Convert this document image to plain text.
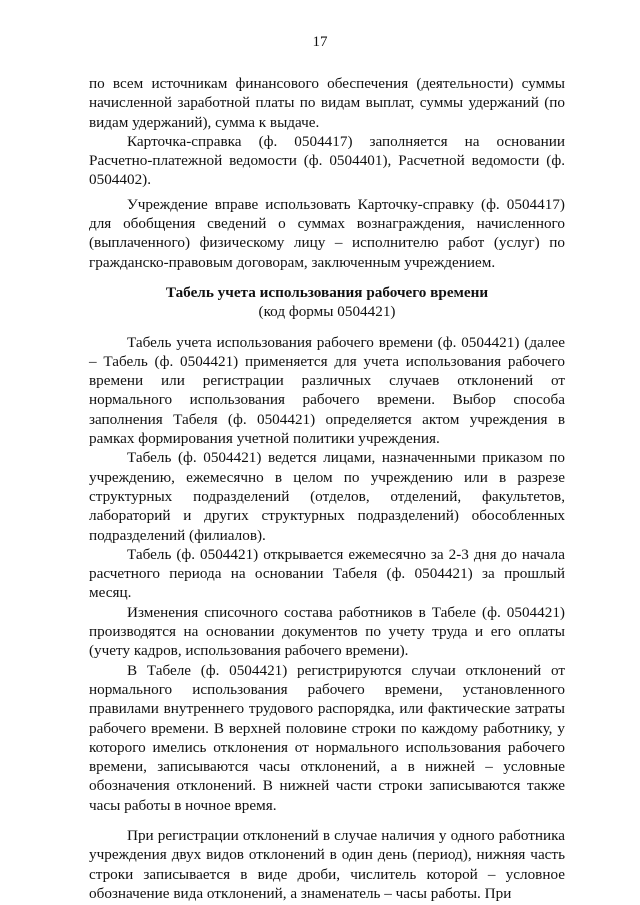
17

по всем источникам финансового обеспечения (деятельности) суммы начисленной заработной платы по видам выплат, суммы удержаний (по видам удержаний), сумма к выдаче.

Карточка-справка (ф. 0504417) заполняется на основании Расчетно-платежной ведомости (ф. 0504401), Расчетной ведомости (ф. 0504402).

Учреждение вправе использовать Карточку-справку (ф. 0504417) для обобщения сведений о суммах вознаграждения, начисленного (выплаченного) физическому лицу – исполнителю работ (услуг) по гражданско-правовым договорам, заключенным учреждением.

Табель учета использования рабочего времени
(код формы 0504421)

Табель учета использования рабочего времени (ф. 0504421) (далее – Табель (ф. 0504421) применяется для учета использования рабочего времени или регистрации различных случаев отклонений от нормального использования рабочего времени. Выбор способа заполнения Табеля (ф. 0504421) определяется актом учреждения в рамках формирования учетной политики учреждения.

Табель (ф. 0504421) ведется лицами, назначенными приказом по учреждению, ежемесячно в целом по учреждению или в разрезе структурных подразделений (отделов, отделений, факультетов, лабораторий и других структурных подразделений) обособленных подразделений (филиалов).

Табель (ф. 0504421) открывается ежемесячно за 2-3 дня до начала расчетного периода на основании Табеля (ф. 0504421) за прошлый месяц.

Изменения списочного состава работников в Табеле (ф. 0504421) производятся на основании документов по учету труда и его оплаты (учету кадров, использования рабочего времени).

В Табеле (ф. 0504421) регистрируются случаи отклонений от нормального использования рабочего времени, установленного правилами внутреннего трудового распорядка, или фактические затраты рабочего времени. В верхней половине строки по каждому работнику, у которого имелись отклонения от нормального использования рабочего времени, записываются часы отклонений, а в нижней – условные обозначения отклонений. В нижней части строки записываются также часы работы в ночное время.

При регистрации отклонений в случае наличия у одного работника учреждения двух видов отклонений в один день (период), нижняя часть строки записывается в виде дроби, числитель которой – условное обозначение вида отклонений, а знаменатель – часы работы. При
